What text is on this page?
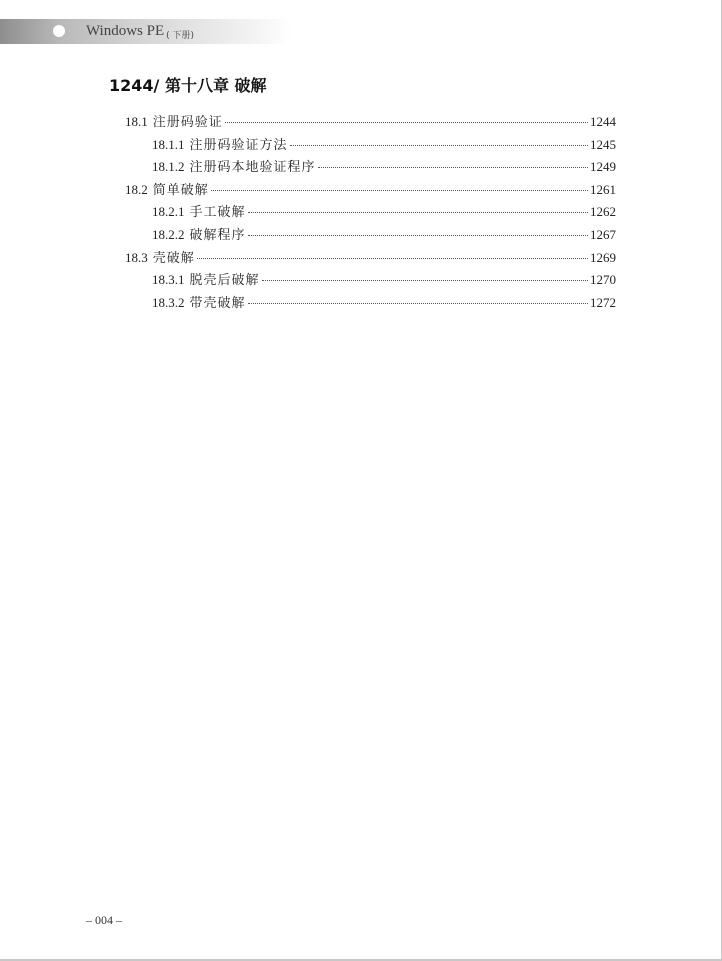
Windows PE $_{( 下册)}$
1244/ 第十八章 破解
18.1 注册码验证	1244
18.1.1 注册码验证方法	1245
18.1.2 注册码本地验证程序	1249
18.2 简单破解	1261
18.2.1 手工破解	1262
18.2.2 破解程序	1267
18.3 壳破解	1269
18.3.1 脱壳后破解	1270
18.3.2 带壳破解	1272
– 004 –
